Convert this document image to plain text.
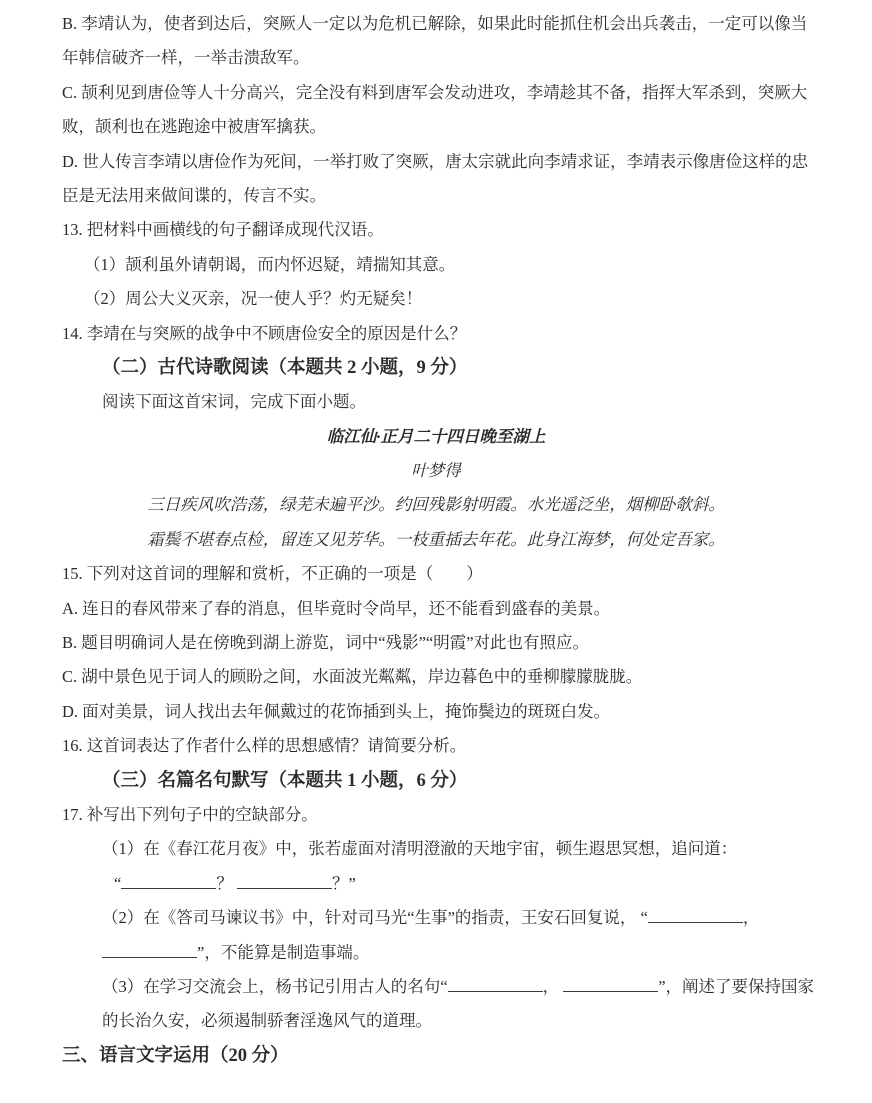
B. 李靖认为，使者到达后，突厥人一定以为危机已解除，如果此时能抓住机会出兵袭击，一定可以像当
年韩信破齐一样，一举击溃敌军。
C. 颉利见到唐俭等人十分高兴，完全没有料到唐军会发动进攻，李靖趁其不备，指挥大军杀到，突厥大
败，颉利也在逃跑途中被唐军擒获。
D. 世人传言李靖以唐俭作为死间，一举打败了突厥，唐太宗就此向李靖求证，李靖表示像唐俭这样的忠
臣是无法用来做间谍的，传言不实。
13. 把材料中画横线的句子翻译成现代汉语。
（1）颉利虽外请朝谒，而内怀迟疑，靖揣知其意。
（2）周公大义灭亲，况一使人乎？灼无疑矣！
14. 李靖在与突厥的战争中不顾唐俭安全的原因是什么？
（二）古代诗歌阅读（本题共 2 小题，9 分）
阅读下面这首宋词，完成下面小题。
临江仙·正月二十四日晚至湖上
叶梦得
三日疾风吹浩荡，绿芜未遍平沙。约回残影射明霞。水光遥泛坐，烟柳卧欹斜。
霜鬓不堪春点检，留连又见芳华。一枝重插去年花。此身江海梦，何处定吾家。
15. 下列对这首词的理解和赏析，不正确的一项是（　　）
A. 连日的春风带来了春的消息，但毕竟时令尚早，还不能看到盛春的美景。
B. 题目明确词人是在傍晚到湖上游览，词中“残影”“明霞”对此也有照应。
C. 湖中景色见于词人的顾盼之间，水面波光粼粼，岸边暮色中的垂柳朦朦胧胧。
D. 面对美景，词人找出去年佩戴过的花饰插到头上，掩饰鬓边的斑斑白发。
16. 这首词表达了作者什么样的思想感情？请简要分析。
（三）名篇名句默写（本题共 1 小题，6 分）
17. 补写出下列句子中的空缺部分。
（1）在《春江花月夜》中，张若虚面对清明澄澈的天地宇宙，顿生遐思冥想，追问道：
“	？	？”
（2）在《答司马谏议书》中，针对司马光“生事”的指责，王安石回复说， “	，
”，不能算是制造事端。
（3）在学习交流会上，杨书记引用古人的名句“	，	”，阐述了要保持国家
的长治久安，必须遏制骄奢淫逸风气的道理。
三、语言文字运用（20 分）
